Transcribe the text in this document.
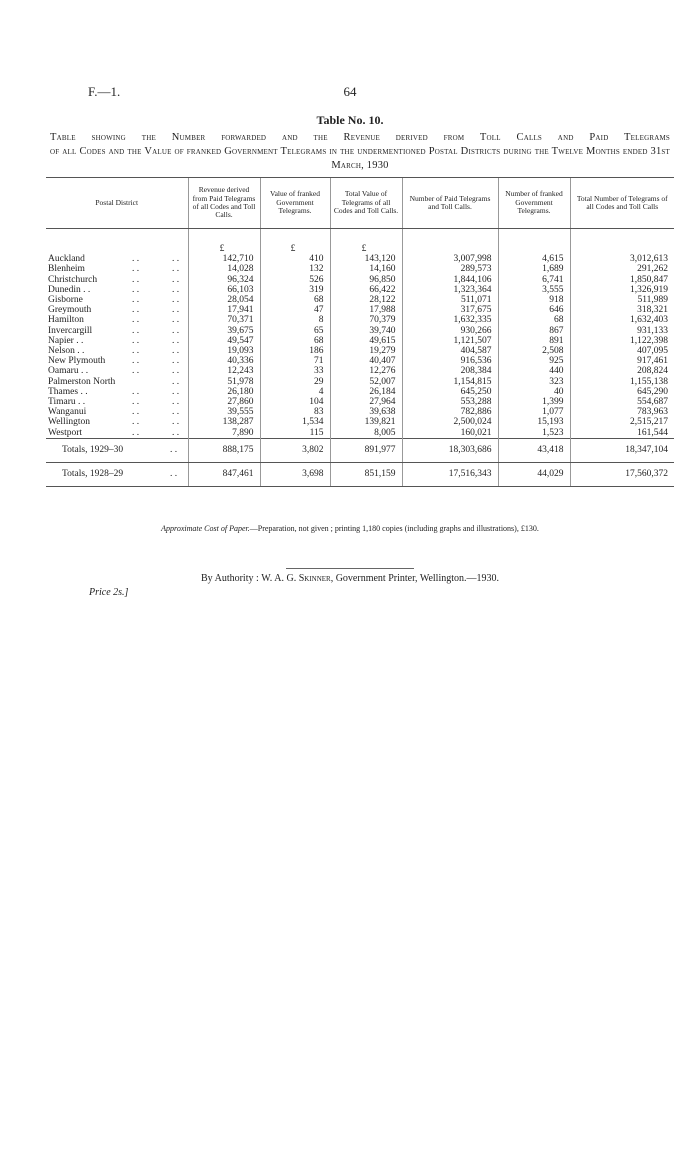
F.—1.	64
Table No. 10.
Table showing the Number forwarded and the Revenue derived from Toll Calls and Paid Telegrams
of all Codes and the Value of franked Government Telegrams in the undermentioned Postal Districts during the Twelve Months ended 31st March, 1930
Postal District	Revenue derived from Paid Telegrams of all Codes and Toll Calls.	Value of franked Government Telegrams.	Total Value of Telegrams of all Codes and Toll Calls.	Number of Paid Telegrams and Toll Calls.	Number of franked Government Telegrams.	Total Number of Telegrams of all Codes and Toll Calls
	£	£	£			
Auckland . . . .	142,710	410	143,120	3,007,998	4,615	3,012,613
Blenheim . . . .	14,028	132	14,160	289,573	1,689	291,262
Christchurch . . . .	96,324	526	96,850	1,844,106	6,741	1,850,847
Dunedin . . . . . .	66,103	319	66,422	1,323,364	3,555	1,326,919
Gisborne . . . .	28,054	68	28,122	511,071	918	511,989
Greymouth . . . .	17,941	47	17,988	317,675	646	318,321
Hamilton . . . .	70,371	8	70,379	1,632,335	68	1,632,403
Invercargill . . . .	39,675	65	39,740	930,266	867	931,133
Napier . . . . . .	49,547	68	49,615	1,121,507	891	1,122,398
Nelson . . . . . .	19,093	186	19,279	404,587	2,508	407,095
New Plymouth . . . .	40,336	71	40,407	916,536	925	917,461
Oamaru . . . . . .	12,243	33	12,276	208,384	440	208,824
Palmerston North . .	51,978	29	52,007	1,154,815	323	1,155,138
Thames . . . . . .	26,180	4	26,184	645,250	40	645,290
Timaru . . . . . .	27,860	104	27,964	553,288	1,399	554,687
Wanganui . . . .	39,555	83	39,638	782,886	1,077	783,963
Wellington . . . .	138,287	1,534	139,821	2,500,024	15,193	2,515,217
Westport . . . .	7,890	115	8,005	160,021	1,523	161,544
Totals, 1929–30 . .	888,175	3,802	891,977	18,303,686	43,418	18,347,104
Totals, 1928–29 . .	847,461	3,698	851,159	17,516,343	44,029	17,560,372
Approximate Cost of Paper.—Preparation, not given ; printing 1,180 copies (including graphs and illustrations), £130.
By Authority : W. A. G. Skinner, Government Printer, Wellington.—1930.
Price 2s.]
